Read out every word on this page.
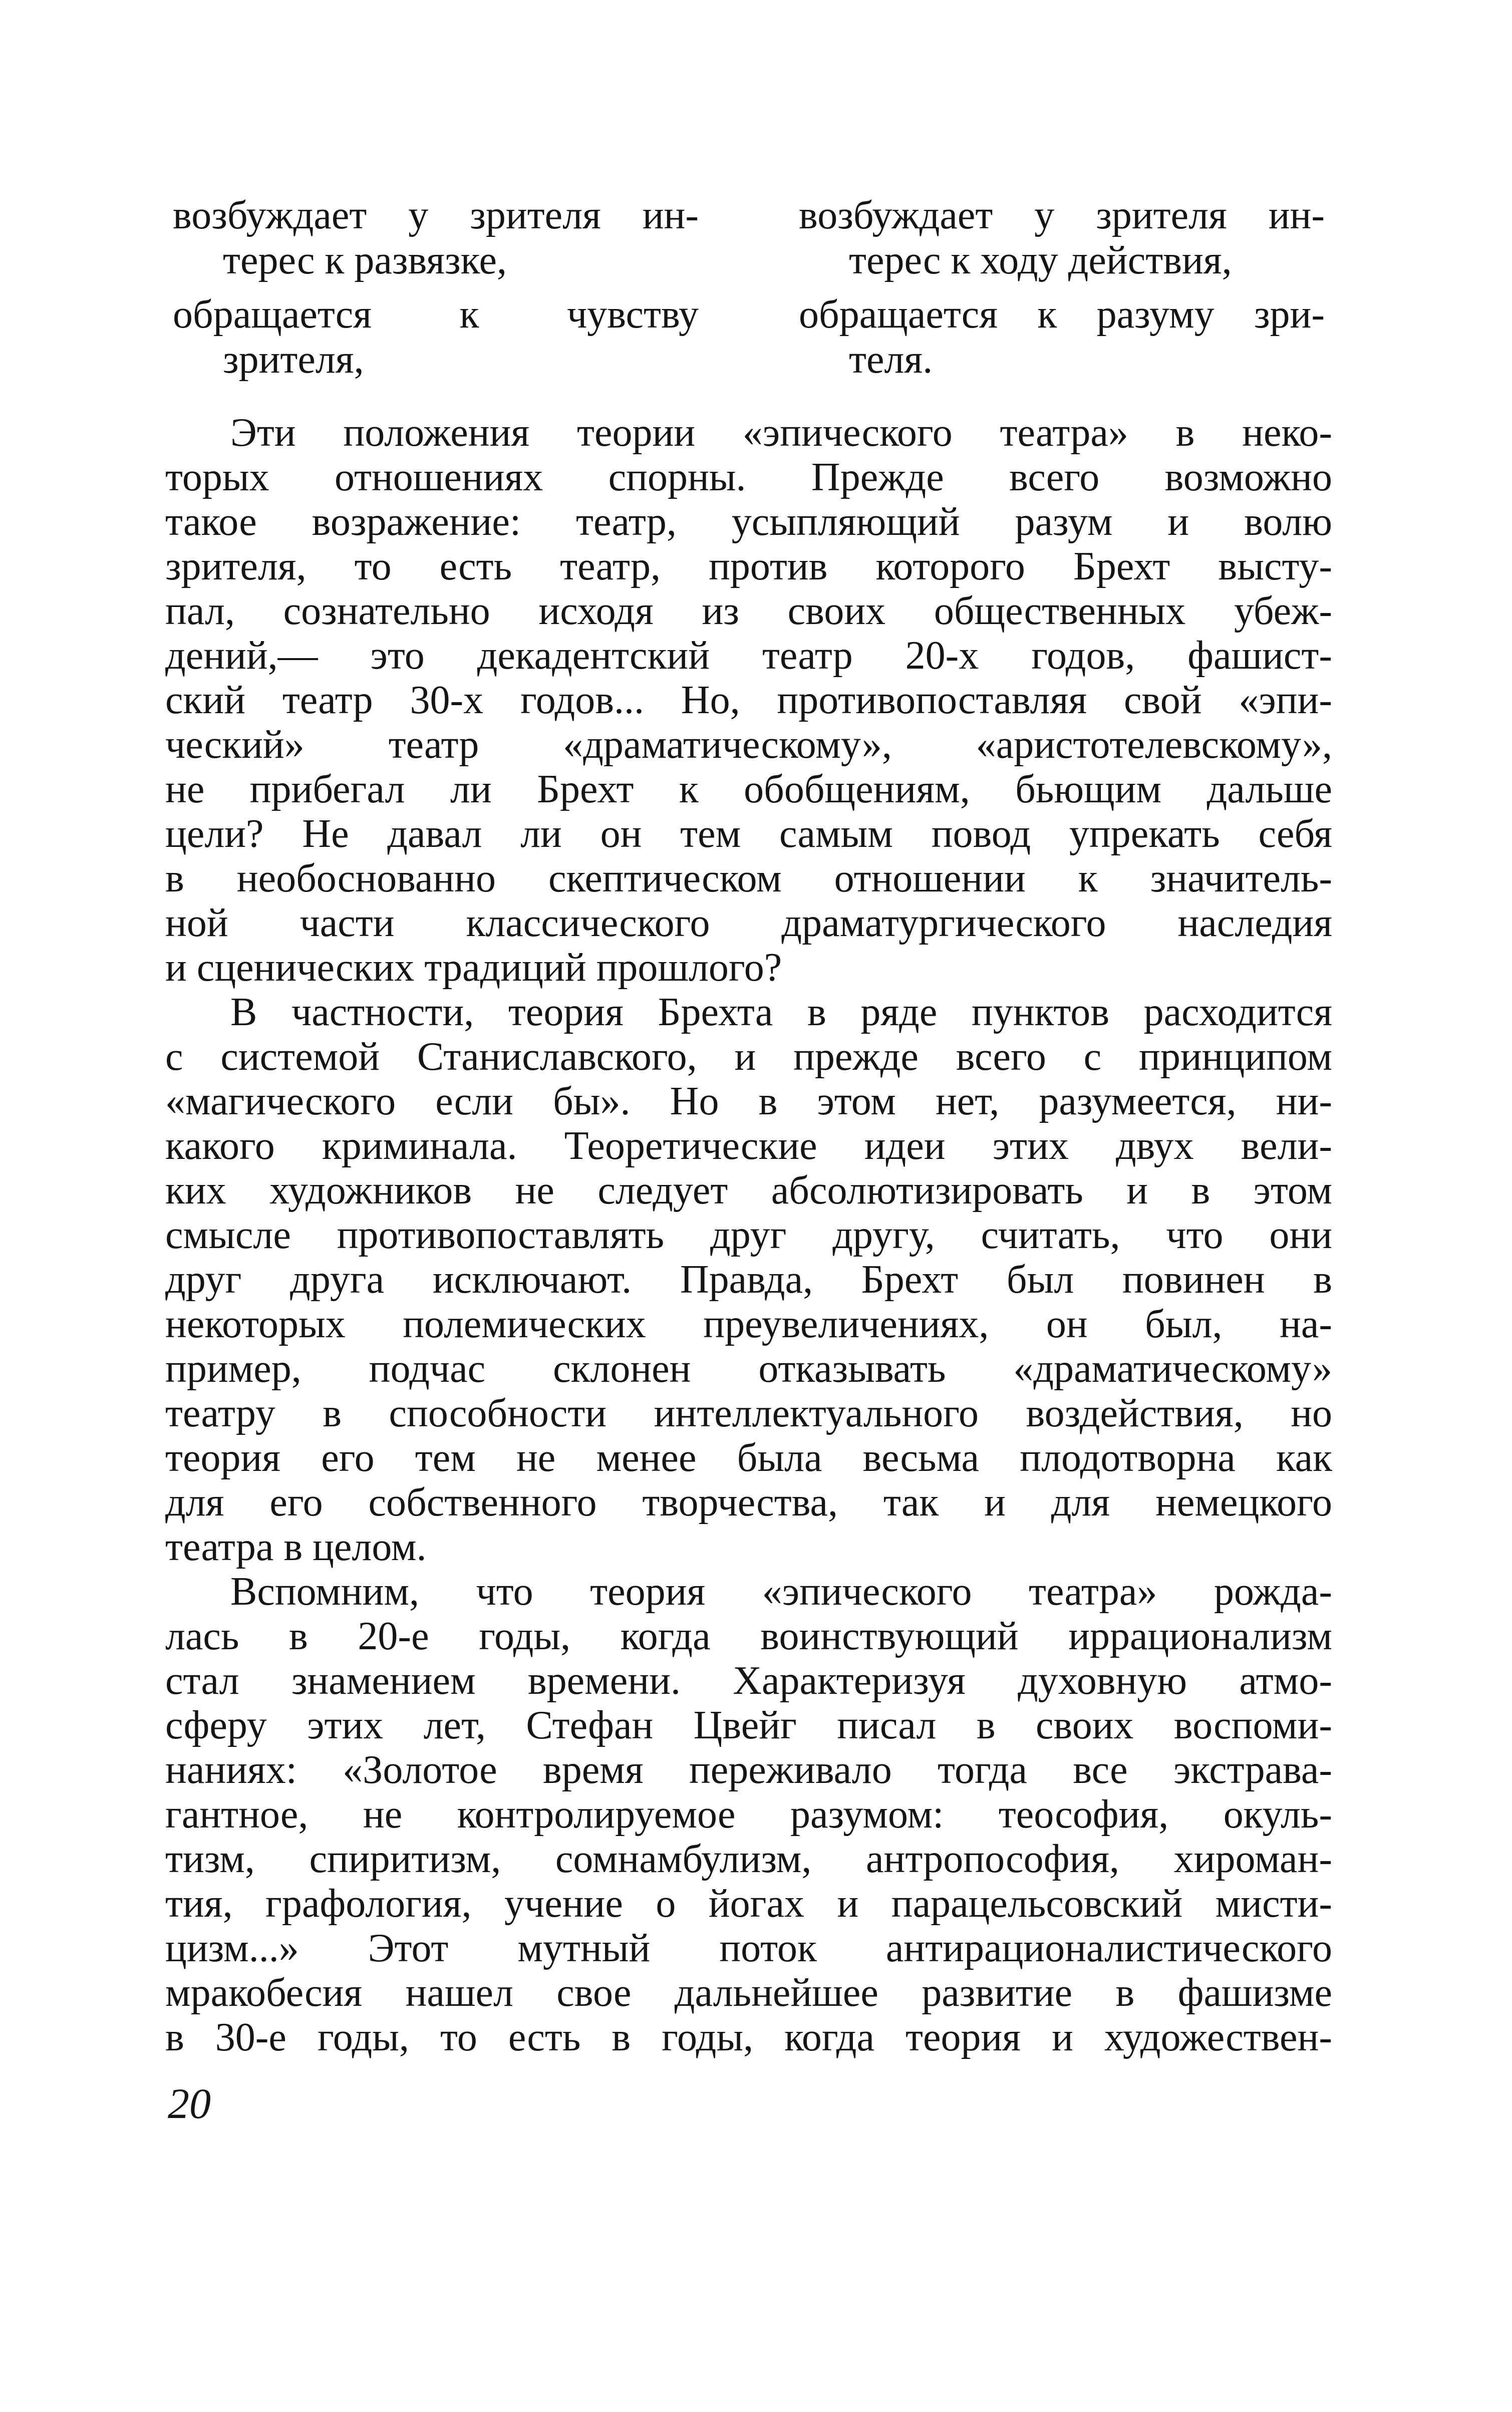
возбуждает у зрителя ин-
терес к развязке,
возбуждает у зрителя ин-
терес к ходу действия,
обращается к чувству
зрителя,
обращается к разуму зри-
теля.

Эти положения теории «эпического театра» в неко-
торых отношениях спорны. Прежде всего возможно
такое возражение: театр, усыпляющий разум и волю
зрителя, то есть театр, против которого Брехт высту-
пал, сознательно исходя из своих общественных убеж-
дений,— это декадентский театр 20-х годов, фашист-
ский театр 30-х годов... Но, противопоставляя свой «эпи-
ческий» театр «драматическому», «аристотелевскому»,
не прибегал ли Брехт к обобщениям, бьющим дальше
цели? Не давал ли он тем самым повод упрекать себя
в необоснованно скептическом отношении к значитель-
ной части классического драматургического наследия
и сценических традиций прошлого?

В частности, теория Брехта в ряде пунктов расходится
с системой Станиславского, и прежде всего с принципом
«магического если бы». Но в этом нет, разумеется, ни-
какого криминала. Теоретические идеи этих двух вели-
ких художников не следует абсолютизировать и в этом
смысле противопоставлять друг другу, считать, что они
друг друга исключают. Правда, Брехт был повинен в
некоторых полемических преувеличениях, он был, на-
пример, подчас склонен отказывать «драматическому»
театру в способности интеллектуального воздействия, но
теория его тем не менее была весьма плодотворна как
для его собственного творчества, так и для немецкого
театра в целом.

Вспомним, что теория «эпического театра» рожда-
лась в 20-е годы, когда воинствующий иррационализм
стал знамением времени. Характеризуя духовную атмо-
сферу этих лет, Стефан Цвейг писал в своих воспоми-
наниях: «Золотое время переживало тогда все экстрава-
гантное, не контролируемое разумом: теософия, окуль-
тизм, спиритизм, сомнамбулизм, антропософия, хироман-
тия, графология, учение о йогах и парацельсовский мисти-
цизм...» Этот мутный поток антирационалистического
мракобесия нашел свое дальнейшее развитие в фашизме
в 30-е годы, то есть в годы, когда теория и художествен-

20
